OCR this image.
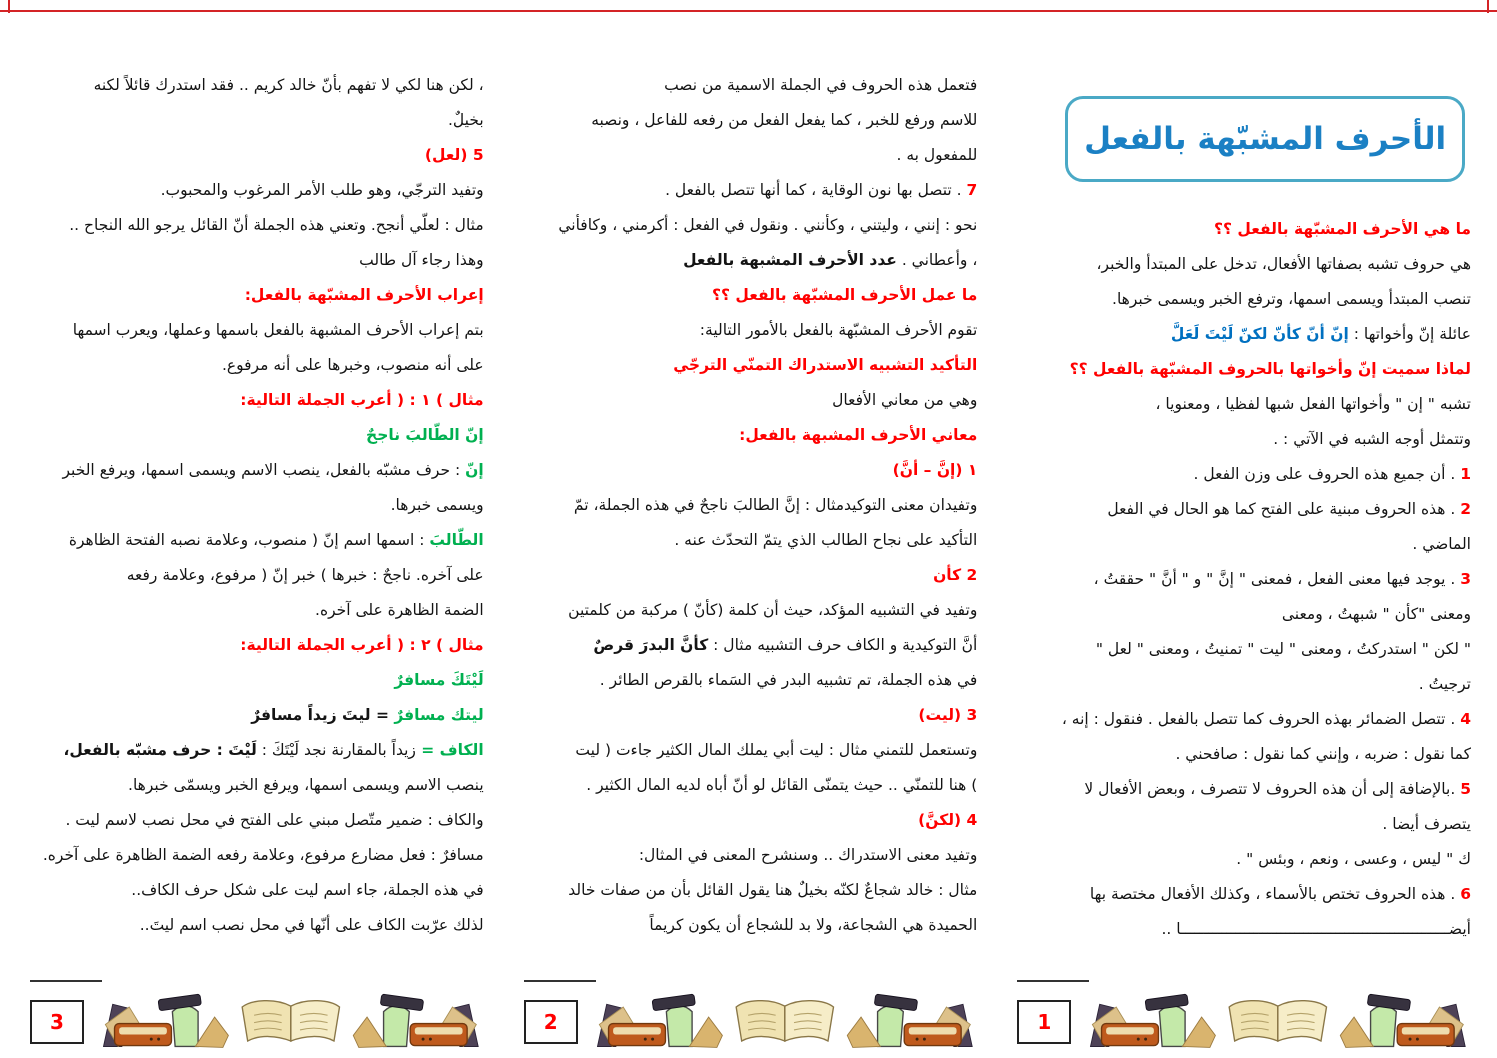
الأحرف المشبّهة بالفعل
ما هي الأحرف المشبّهة بالفعل ؟؟
هي حروف تشبه بصفاتها الأفعال، تدخل على المبتدأ والخبر،
تنصب المبتدأ ويسمى اسمها، وترفع الخبر ويسمى خبرها.
عائلة إنّ وأخواتها : إنّ أنّ كأنّ لكنّ لَيْتَ لَعَلَّ
لماذا سميت إنّ وأخواتها بالحروف المشبّهة بالفعل ؟؟
تشبه " إن " وأخواتها الفعل شبها لفظيا ، ومعنويا ،
وتتمثل أوجه الشبه في الآتي : .
1 . أن جميع هذه الحروف على وزن الفعل .
2 . هذه الحروف مبنية على الفتح كما هو الحال في الفعل
الماضي .
3 . يوجد فيها معنى الفعل ، فمعنى " إنَّ " و " أنَّ " حققتُ ،
ومعنى "كأن " شبهتُ ، ومعنى
" لكن " استدركتُ ، ومعنى " ليت " تمنيتُ ، ومعنى " لعل "
ترجيتُ .
4 . تتصل الضمائر بهذه الحروف كما تتصل بالفعل . فنقول : إنه ،
كما نقول : ضربه ، وإنني كما نقول : صافحني .
5 .بالإضافة إلى أن هذه الحروف لا تتصرف ، وبعض الأفعال لا
يتصرف أيضا .
ك " ليس ، وعسى ، ونعم ، وبئس " .
6 . هذه الحروف تختص بالأسماء ، وكذلك الأفعال مختصة بها
أيضـــــــــــــــــــــــــــــــــــــــــــــــــــــــــــا ..
1
فتعمل هذه الحروف في الجملة الاسمية من نصب
للاسم ورفع للخبر ، كما يفعل الفعل من رفعه للفاعل ، ونصبه
للمفعول به .
7 . تتصل بها نون الوقاية ، كما أنها تتصل بالفعل .
نحو : إنني ، وليتني ، وكأنني . ونقول في الفعل : أكرمني ، وكافأني
، وأعطاني . عدد الأحرف المشبهة بالفعل
ما عمل الأحرف المشبّهة بالفعل ؟؟
تقوم الأحرف المشبّهة بالفعل بالأمور التالية:
التأكيد التشبيه الاستدراك التمنّي الترجّي
وهي من معاني الأفعال
معاني الأحرف المشبهة بالفعل:
١ (إنَّ – أنَّ)
وتفيدان معنى التوكيدمثال : إنَّ الطالبَ ناجحٌ في هذه الجملة، تمّ
التأكيد على نجاح الطالب الذي يتمّ التحدّث عنه .
2 كأن
وتفيد في التشبيه المؤكد، حيث أن كلمة (كأنّ ) مركبة من كلمتين
أنَّ التوكيدية و الكاف حرف التشبيه مثال : كأنَّ البدرَ قرصٌ
في هذه الجملة، تم تشبيه البدر في السَماء بالقرص الطائر .
3 (ليت)
وتستعمل للتمني مثال : ليت أبي يملك المال الكثير جاءت ( ليت
) هنا للتمنّي .. حيث يتمنّى القائل لو أنّ أباه لديه المال الكثير .
4 (لكنَّ)
وتفيد معنى الاستدراك .. وسنشرح المعنى في المثال:
مثال : خالد شجاعٌ لكنّه بخيلٌ هنا يقول القائل بأن من صفات خالد
الحميدة هي الشجاعة، ولا بد للشجاع أن يكون كريماً
2
، لكن هنا لكي لا تفهم بأنّ خالد كريم .. فقد استدرك قائلاً لكنه
بخيلٌ.
5 (لعل)
وتفيد الترجّي، وهو طلب الأمر المرغوب والمحبوب.
مثال : لعلّي أنجح. وتعني هذه الجملة أنّ القائل يرجو الله النجاح ..
وهذا رجاء آل طالب
إعراب الأحرف المشبّهة بالفعل:
بتم إعراب الأحرف المشبهة بالفعل باسمها وعملها، ويعرب اسمها
على أنه منصوب، وخبرها على أنه مرفوع.
مثال ) ١ : ( أعرب الجملة التالية:
إنّ الطّالبَ ناجحٌ
إنّ : حرف مشبّه بالفعل، ينصب الاسم ويسمى اسمها، ويرفع الخبر
ويسمى خبرها.
الطّالبَ : اسمها اسم إنّ ( منصوب، وعلامة نصبه الفتحة الظاهرة
على آخره. ناجحٌ : خبرها ) خبر إنّ ( مرفوع، وعلامة رفعه
الضمة الظاهرة على آخره.
مثال ) ٢ : ( أعرب الجملة التالية:
لَيْتَكَ مسافرٌ
ليتك مسافرٌ = ليتَ زيداً مسافرٌ
الكاف = زيداً بالمقارنة نجد لَيْتَكَ : لَيْتَ : حرف مشبّه بالفعل،
ينصب الاسم ويسمى اسمها، ويرفع الخبر ويسمّى خبرها.
والكاف : ضمير متّصل مبني على الفتح في محل نصب لاسم ليت .
مسافرٌ : فعل مضارع مرفوع، وعلامة رفعه الضمة الظاهرة على آخره.
في هذه الجملة، جاء اسم ليت على شكل حرف الكاف..
لذلك عرّبت الكاف على أنّها في محل نصب اسم ليتَ..
3
